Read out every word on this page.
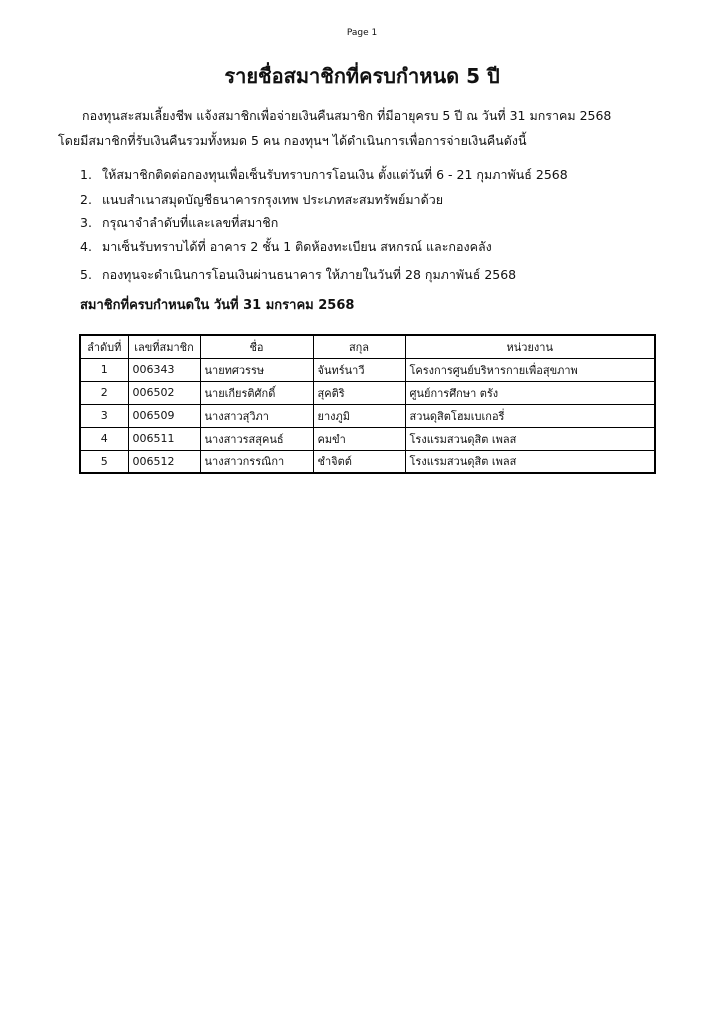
Page 1
รายชื่อสมาชิกที่ครบกำหนด 5 ปี
กองทุนสะสมเลี้ยงชีพ แจ้งสมาชิกเพื่อจ่ายเงินคืนสมาชิก ที่มีอายุครบ 5 ปี ณ วันที่ 31 มกราคม 2568
โดยมีสมาชิกที่รับเงินคืนรวมทั้งหมด 5 คน กองทุนฯ ได้ดำเนินการเพื่อการจ่ายเงินคืนดังนี้
1. ให้สมาชิกติดต่อกองทุนเพื่อเซ็นรับทราบการโอนเงิน ตั้งแต่วันที่ 6 - 21 กุมภาพันธ์ 2568
2. แนบสำเนาสมุดบัญชีธนาคารกรุงเทพ ประเภทสะสมทรัพย์มาด้วย
3. กรุณาจำลำดับที่และเลขที่สมาชิก
4. มาเซ็นรับทราบได้ที่ อาคาร 2 ชั้น 1 ติดห้องทะเบียน สหกรณ์ และกองคลัง
5. กองทุนจะดำเนินการโอนเงินผ่านธนาคาร ให้ภายในวันที่ 28 กุมภาพันธ์ 2568
สมาชิกที่ครบกำหนดใน วันที่ 31 มกราคม 2568
ลำดับที่	เลขที่สมาชิก	ชื่อ	สกุล	หน่วยงาน
1	006343	นายทศวรรษ	จันทร์นาวี	โครงการศูนย์บริหารกายเพื่อสุขภาพ
2	006502	นายเกียรติศักดิ์	สุคติริ	ศูนย์การศึกษา ตรัง
3	006509	นางสาวสุวิภา	ยางภูมิ	สวนดุสิตโฮมเบเกอรี่
4	006511	นางสาวรสสุคนธ์	คมขำ	โรงแรมสวนดุสิต เพลส
5	006512	นางสาวกรรณิกา	ชำจิตต์	โรงแรมสวนดุสิต เพลส
